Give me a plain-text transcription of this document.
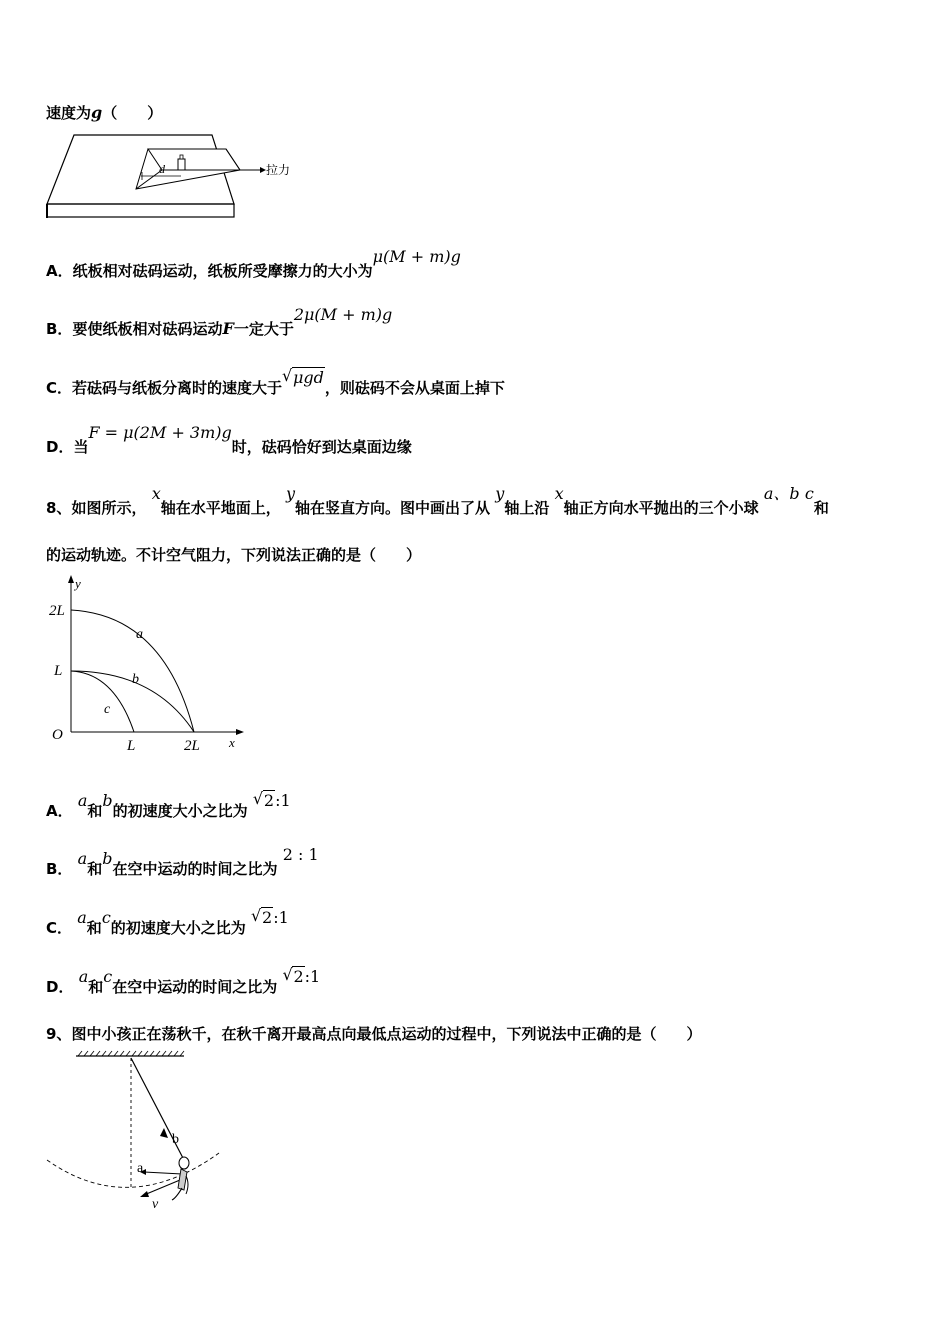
速度为g（　　）
d	拉力
A．纸板相对砝码运动，纸板所受摩擦力的大小为μ(M + m)g
B．要使纸板相对砝码运动F一定大于2μ(M + m)g
C．若砝码与纸板分离时的速度大于
√ μgd，则砝码不会从桌面上掉下
D．当F = μ(2M + 3m)g时，砝码恰好到达桌面边缘
8、如图所示， x轴在水平地面上， y轴在竖直方向。图中画出了从 y轴上沿 x轴正方向水平抛出的三个小球 a、b c和
的运动轨迹。不计空气阻力，下列说法正确的是（　　）
y
x
2L
L
O
L	2L
a
b
c
A． a和b的初速度大小之比为
√ 2:1
B． a和b在空中运动的时间之比为 2 : 1
C． a和c的初速度大小之比为
√ 2:1
D． a和c在空中运动的时间之比为
√ 2:1
9、图中小孩正在荡秋千，在秋千离开最高点向最低点运动的过程中，下列说法中正确的是（　　）
b
a
v
